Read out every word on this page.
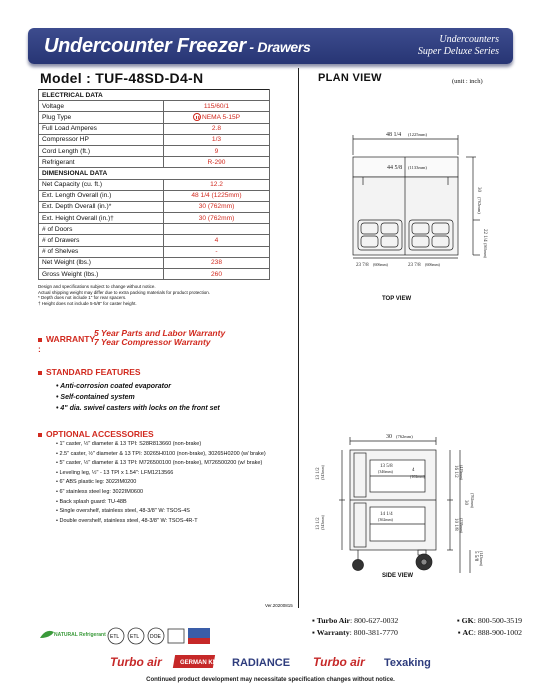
Undercounter Freezer - Drawers	Undercounters
Super Deluxe Series
Model : TUF-48SD-D4-N
ELECTRICAL DATA	
Voltage	115/60/1
Plug Type	NEMA 5-15P
Full Load Amperes	2.8
Compressor HP	1/3
Cord Length (ft.)	9
Refrigerant	R-290
DIMENSIONAL DATA	
Net Capacity (cu. ft.)	12.2
Ext. Length Overall (in.)	48 1/4 (1225mm)
Ext. Depth Overall (in.)*	30 (762mm)
Ext. Height Overall (in.)†	30 (762mm)
# of Doors	
# of Drawers	4
# of Shelves	-
Net Weight (lbs.)	238
Gross Weight (lbs.)	260
Design and specifications subject to change without notice.
Actual shipping weight may differ due to extra packing materials for product protection.
* Depth does not include 1" for rear spacers.
† Height does not include 5-5/8" for caster height.
WARRANTY :
5 Year Parts and Labor Warranty
7 Year Compressor Warranty
STANDARD FEATURES
• Anti-corrosion coated evaporator
• Self-contained system
• 4" dia. swivel casters with locks on the front set
OPTIONAL ACCESSORIES
• 1" caster, ½" diameter & 13 TPI: S28R813660 (non-brake)
• 2.5" caster, ½" diameter & 13 TPI: 30265H0100 (non-brake), 30265H0200 (w/ brake)
• 5" caster, ½" diameter & 13 TPI: M726500100 (non-brake), M726500200 (w/ brake)
• Leveling leg, ½" - 13 TPI x 1.54": LFM1213566
• 6" ABS plastic leg: 3022IM0200
• 6" stainless steel leg: 3022IM0600
• Back splash guard: TU-48B
• Single overshelf, stainless steel, 48-3/8" W: TSOS-4S
• Double overshelf, stainless steel, 48-3/8" W: TSOS-4R-T
PLAN VIEW	(unit : inch)
48 1/4 (1225mm)
44 5/8 (1133mm)
30
(762mm)
22 1/4
(565mm)
23 7/8 (606mm)	23 7/8 (606mm)
30 (762mm)
13 5/8
(346mm)	4
(102mm)
14 1/4
(362mm)
13 1/2 (343mm)
13 1/2 (343mm)
16 1/2 (419mm)
30 (762mm)
10 1/8 (258mm)
5 5/8 (143mm)
TOP VIEW
SIDE VIEW
Ver.20200815
NATURAL Refrigerant ETL ETL DOE
▪ Turbo Air: 800-627-0032	▪ GK: 800-500-3519
▪ Warranty: 800-381-7770	▪ AC: 888-900-1002
Turbo air	GERMAN KNIFE RADIANCE Turbo air Texaking
Continued product development may necessitate specification changes without notice.
